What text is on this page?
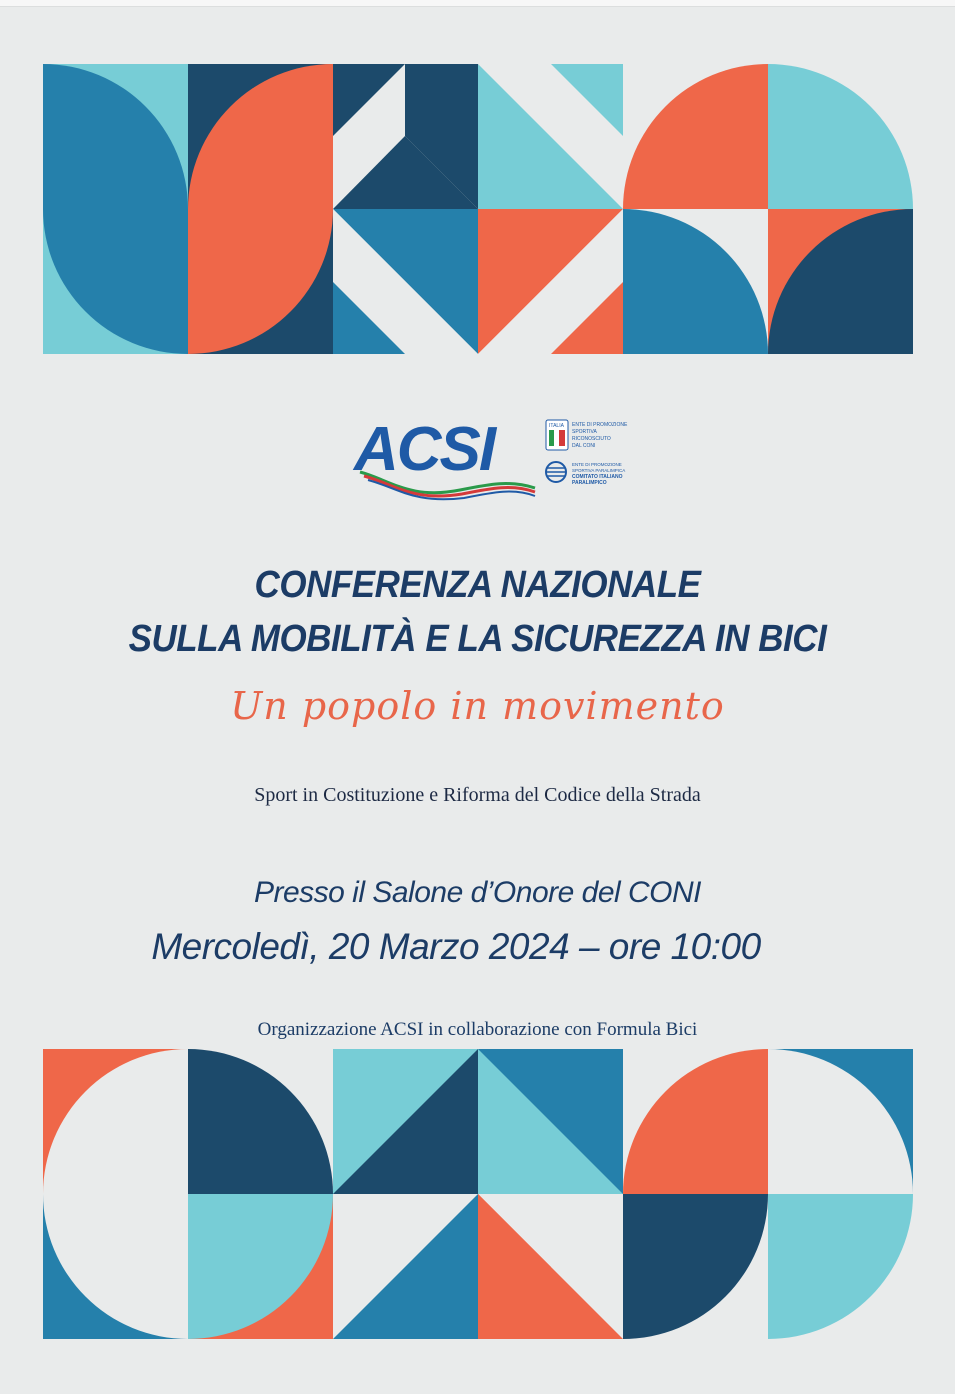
ACSI	ITALIA ENTE DI PROMOZIONE
SPORTIVA
RICONOSCIUTO
DAL CONI
ENTE DI PROMOZIONE
SPORTIVA PARALIMPICA
COMITATO ITALIANO
PARALIMPICO
CONFERENZA NAZIONALE
SULLA MOBILITÀ E LA SICUREZZA IN BICI
Un popolo in movimento
Sport in Costituzione e Riforma del Codice della Strada
Presso il Salone d’Onore del CONI
Mercoledì, 20 Marzo 2024 – ore 10:00
Organizzazione ACSI in collaborazione con Formula Bici
